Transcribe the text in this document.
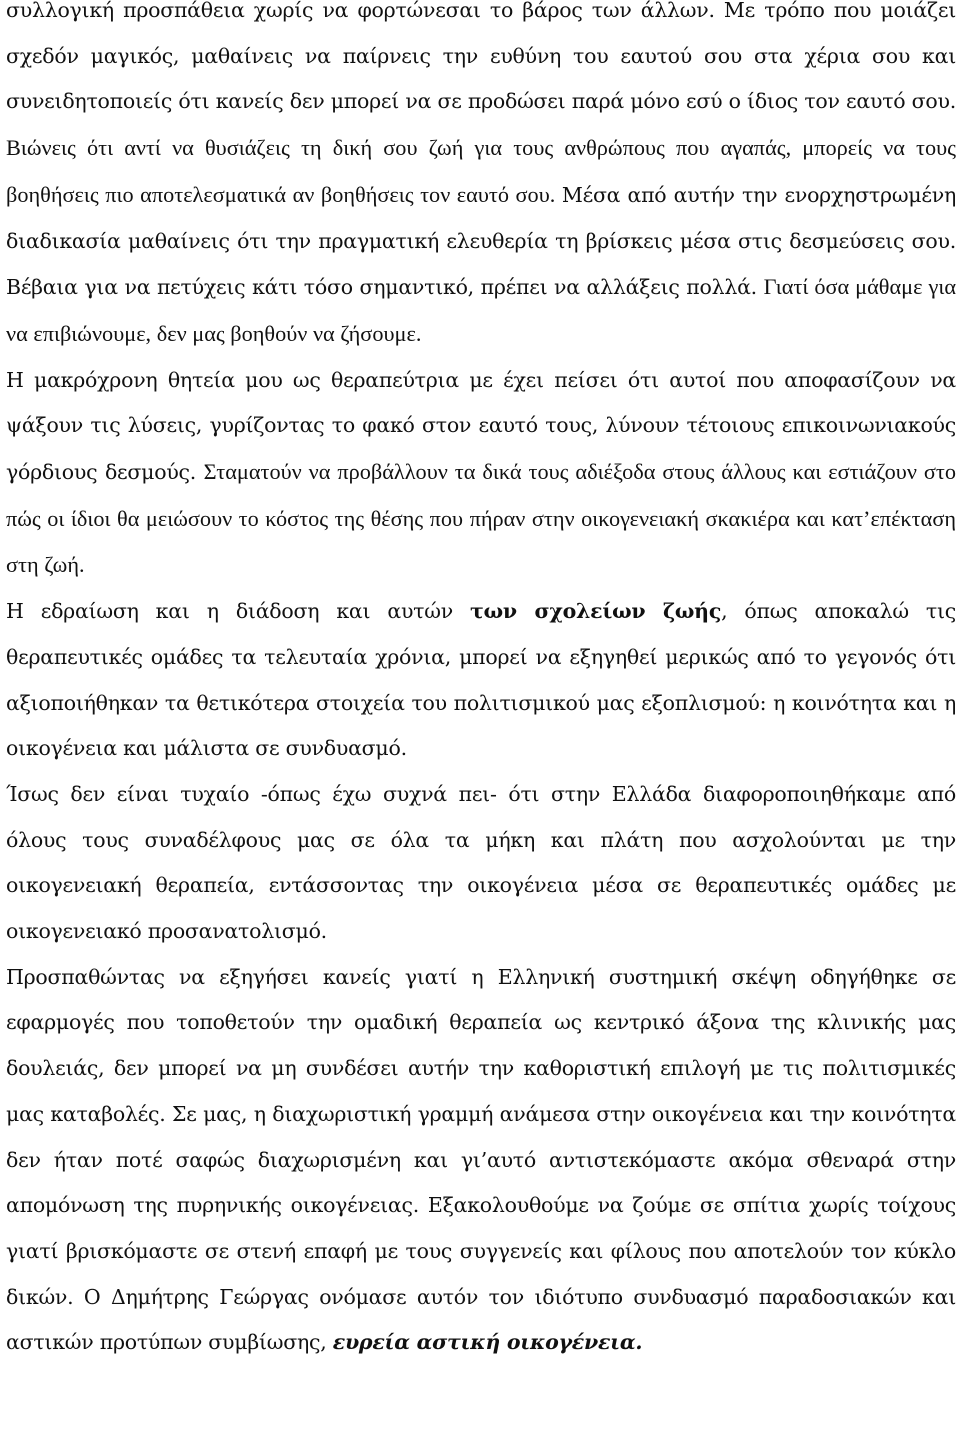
συλλογική προσπάθεια χωρίς να φορτώνεσαι το βάρος των άλλων. Με τρόπο που μοιάζει σχεδόν μαγικός, μαθαίνεις να παίρνεις την ευθύνη του εαυτού σου στα χέρια σου και συνειδητοποιείς ότι κανείς δεν μπορεί να σε προδώσει παρά μόνο εσύ ο ίδιος τον εαυτό σου. Βιώνεις ότι αντί να θυσιάζεις τη δική σου ζωή για τους ανθρώπους που αγαπάς, μπορείς να τους βοηθήσεις πιο αποτελεσματικά αν βοηθήσεις τον εαυτό σου. Μέσα από αυτήν την ενορχηστρωμένη διαδικασία μαθαίνεις ότι την πραγματική ελευθερία τη βρίσκεις μέσα στις δεσμεύσεις σου. Βέβαια για να πετύχεις κάτι τόσο σημαντικό, πρέπει να αλλάξεις πολλά. Γιατί όσα μάθαμε για να επιβιώνουμε, δεν μας βοηθούν να ζήσουμε.

Η μακρόχρονη θητεία μου ως θεραπεύτρια με έχει πείσει ότι αυτοί που αποφασίζουν να ψάξουν τις λύσεις, γυρίζοντας το φακό στον εαυτό τους, λύνουν τέτοιους επικοινωνιακούς γόρδιους δεσμούς. Σταματούν να προβάλλουν τα δικά τους αδιέξοδα στους άλλους και εστιάζουν στο πώς οι ίδιοι θα μειώσουν το κόστος της θέσης που πήραν στην οικογενειακή σκακιέρα και κατ’επέκταση στη ζωή.

Η εδραίωση και η διάδοση και αυτών των σχολείων ζωής, όπως αποκαλώ τις θεραπευτικές ομάδες τα τελευταία χρόνια, μπορεί να εξηγηθεί μερικώς από το γεγονός ότι αξιοποιήθηκαν τα θετικότερα στοιχεία του πολιτισμικού μας εξοπλισμού: η κοινότητα και η οικογένεια και μάλιστα σε συνδυασμό.

Ίσως δεν είναι τυχαίο -όπως έχω συχνά πει- ότι στην Ελλάδα διαφοροποιηθήκαμε από όλους τους συναδέλφους μας σε όλα τα μήκη και πλάτη που ασχολούνται με την οικογενειακή θεραπεία, εντάσσοντας την οικογένεια μέσα σε θεραπευτικές ομάδες με οικογενειακό προσανατολισμό.

Προσπαθώντας να εξηγήσει κανείς γιατί η Ελληνική συστημική σκέψη οδηγήθηκε σε εφαρμογές που τοποθετούν την ομαδική θεραπεία ως κεντρικό άξονα της κλινικής μας δουλειάς, δεν μπορεί να μη συνδέσει αυτήν την καθοριστική επιλογή με τις πολιτισμικές μας καταβολές. Σε μας, η διαχωριστική γραμμή ανάμεσα στην οικογένεια και την κοινότητα δεν ήταν ποτέ σαφώς διαχωρισμένη και γι’αυτό αντιστεκόμαστε ακόμα σθεναρά στην απομόνωση της πυρηνικής οικογένειας. Εξακολουθούμε να ζούμε σε σπίτια χωρίς τοίχους γιατί βρισκόμαστε σε στενή επαφή με τους συγγενείς και φίλους που αποτελούν τον κύκλο δικών. Ο Δημήτρης Γεώργας ονόμασε αυτόν τον ιδιότυπο συνδυασμό παραδοσιακών και αστικών προτύπων συμβίωσης, ευρεία αστική οικογένεια.
